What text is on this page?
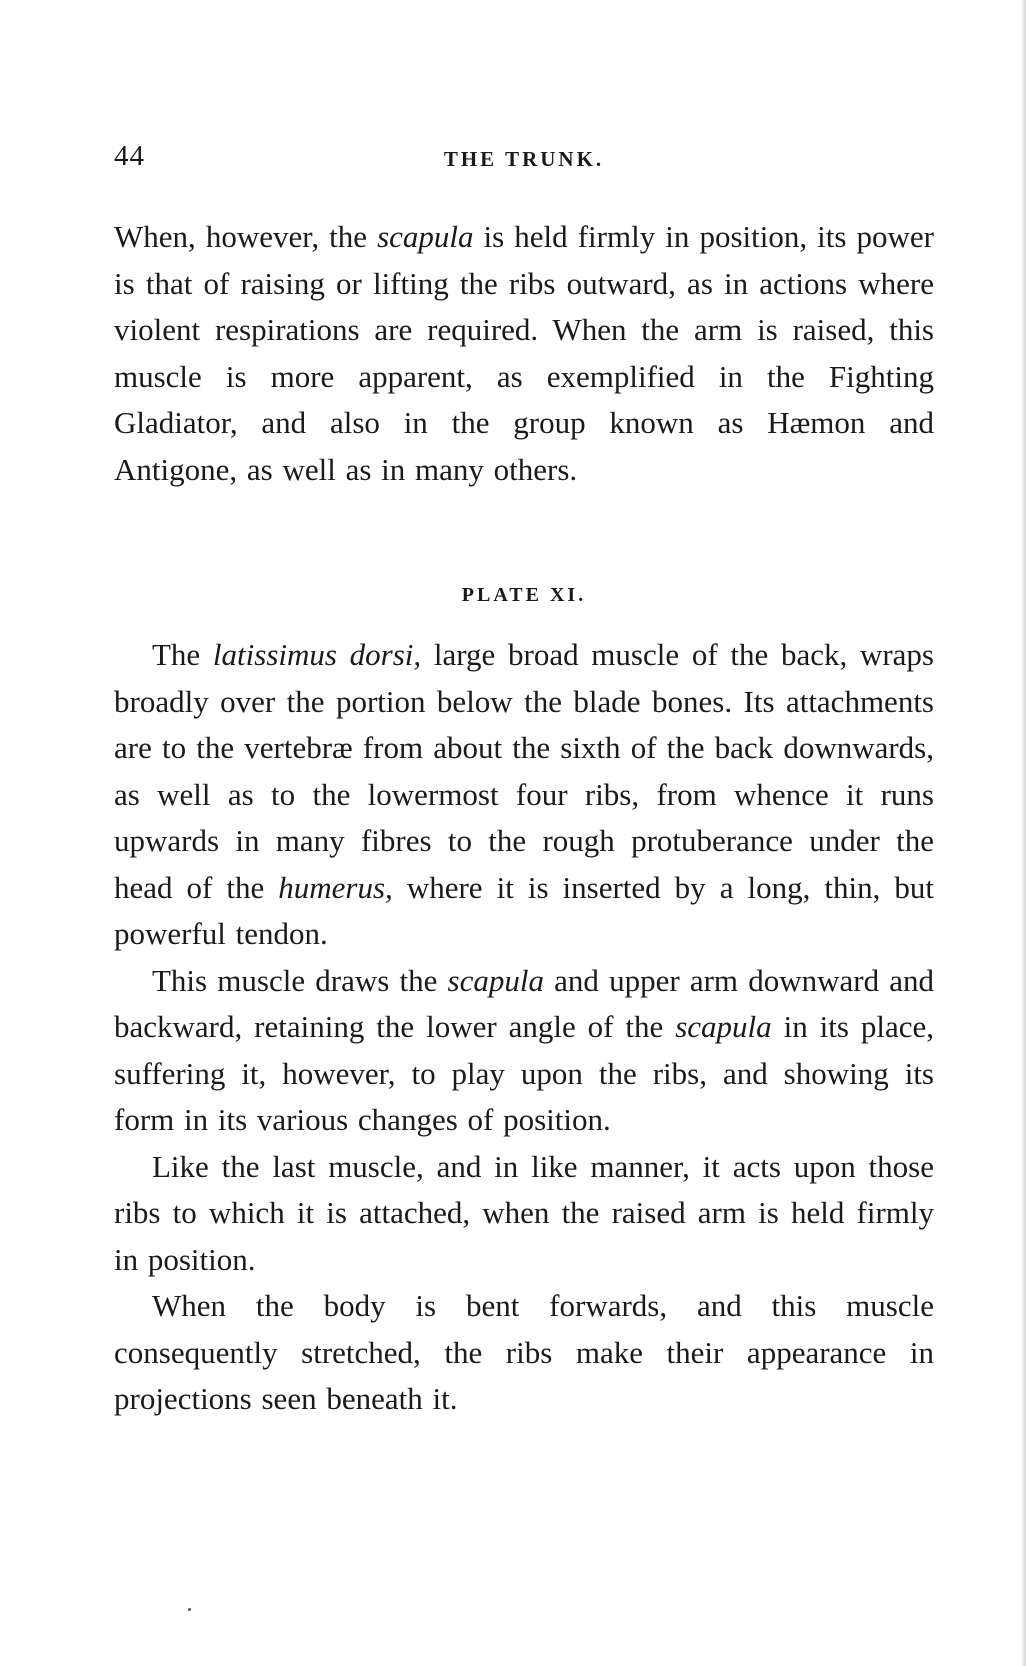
44	THE TRUNK.

When, however, the scapula is held firmly in position, its power is that of raising or lifting the ribs outward, as in actions where violent respirations are required. When the arm is raised, this muscle is more apparent, as exemplified in the Fighting Gladiator, and also in the group known as Hæmon and Antigone, as well as in many others.

PLATE XI.

The latissimus dorsi, large broad muscle of the back, wraps broadly over the portion below the blade bones. Its attachments are to the vertebræ from about the sixth of the back downwards, as well as to the lowermost four ribs, from whence it runs upwards in many fibres to the rough protuberance under the head of the humerus, where it is inserted by a long, thin, but powerful tendon.

This muscle draws the scapula and upper arm downward and backward, retaining the lower angle of the scapula in its place, suffering it, however, to play upon the ribs, and showing its form in its various changes of position.

Like the last muscle, and in like manner, it acts upon those ribs to which it is attached, when the raised arm is held firmly in position.

When the body is bent forwards, and this muscle consequently stretched, the ribs make their appearance in projections seen beneath it.
